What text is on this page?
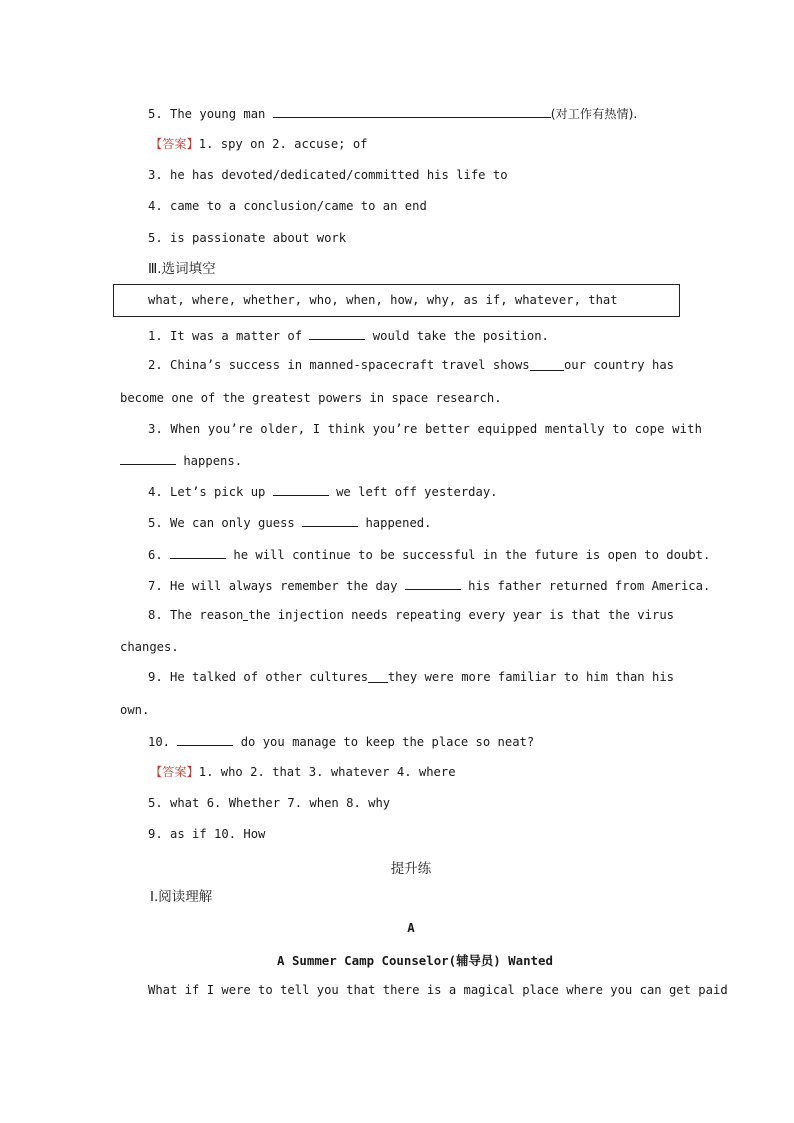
5. The young man	(对工作有热情).
【答案】1. spy on 2. accuse; of
3. he has devoted/dedicated/committed his life to
4. came to a conclusion/came to an end
5. is passionate about work
Ⅲ.选词填空
what, where, whether, who, when, how, why, as if, whatever, that
1. It was a matter of	would take the position.
2. China’s success in manned-spacecraft travel shows	our country has
become one of the greatest powers in space research.
3. When you’re older, I think you’re better equipped mentally to cope with
happens.
4. Let’s pick up	we left off yesterday.
5. We can only guess	happened.
6.	he will continue to be successful in the future is open to doubt.
7. He will always remember the day	his father returned from America.
8. The reason the injection needs repeating every year is that the virus
changes.
9. He talked of other cultures they were more familiar to him than his
own.
10.	do you manage to keep the place so neat?
【答案】1. who 2. that 3. whatever 4. where
5. what 6. Whether 7. when 8. why
9. as if 10. How
提升练
Ⅰ.阅读理解
A
A Summer Camp Counselor(辅导员) Wanted
What if I were to tell you that there is a magical place where you can get paid
